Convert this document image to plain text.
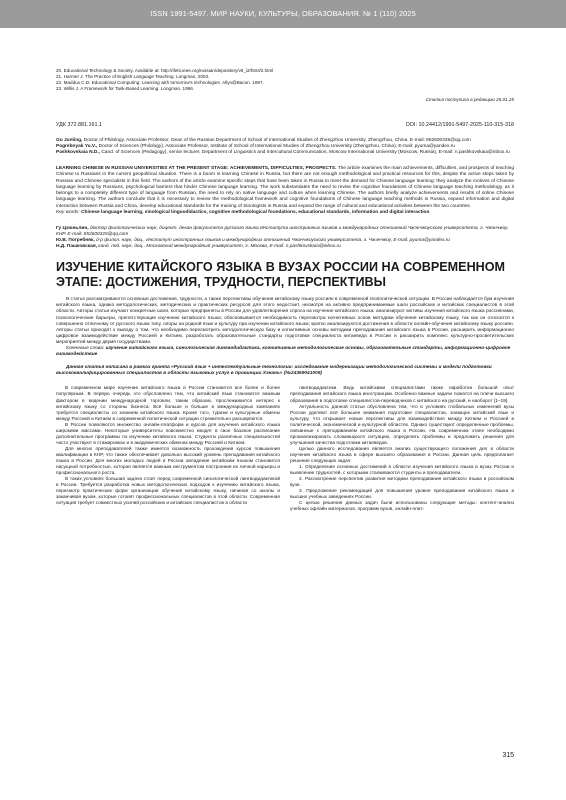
ISSN 1991-5497. МИР НАУКИ, КУЛЬТУРЫ, ОБРАЗОВАНИЯ. № 1 (110) 2025
20. Educational Technology & Society. Available at: http://ifets.ieee.org/russian/depository/v6_i2/html/2.html
21. Harmer J. The Practice of English Language Teaching. Longman, 2003.
22. Maddux C.D. Educational Computing: Learning with tomorrow's technologies. Allyn@Bacon. 1997.
23. Willis J. A Framework for Task-Based Learning. Longman. 1996.
Статья поступила в редакцию 25.01.25
УДК 372.881.161.1	DOI: 10.24412/1991-5497-2025-110-315-318
Gu Junling, Doctor of Philology, Associate Professor, Dean of the Russian Department of School of International Studies of Zhengzhou University, Zhengzhou, China. E-mail: 852600325@qq.com
Pogrebnyak Yu.V., Doctor of Sciences (Philology), Associate Professor, Institute of School of International Studies of Zhengzhou University (Zhengzhou, China), E-mail: pyuma@yandex.ru
Pashkovskaia N.D., Cand. of Sciences (Pedagogy), senior lecturer, Department of Linguistics and Intercultural Communication, Moscow International University (Moscow, Russia), E-mail: n.pashkovskaia@inbox.ru
LEARNING CHINESE IN RUSSIAN UNIVERSITIES AT THE PRESENT STAGE: ACHIEVEMENTS, DIFFICULTIES, PROSPECTS. The article examines the main achievements, difficulties, and prospects of teaching Chinese to Russians in the current geopolitical situation. There is a boom in learning Chinese in Russia, but there are not enough methodological and practical resources for this, despite the active steps taken by Russian and Chinese specialists in this field. The authors of the article examine specific steps that have been taken in Russia to meet the demand for Chinese language learning: they analyze the motives of Chinese language learning by Russians, psychological barriers that hinder Chinese language learning. The work substantiates the need to revise the cognitive foundations of Chinese language teaching methodology, as it belongs to a completely different type of language from Russian, the need to rely on native language and culture when learning Chinese. The authors briefly analyze achievements and results of online Chinese language learning. The authors conclude that it is necessary to review the methodological framework and cognitive foundations of Chinese language teaching methods in Russia, expand information and digital interaction between Russia and China, develop educational standards for the training of Sinologists in Russia and expand the range of cultural and educational activities between the two countries.
Key words: Chinese language learning, sinological linguodidactics, cognitive methodological foundations, educational standards, information and digital interaction
Гу Цзюньлин, доктор филологических наук, доцент, декан факультета русского языка Института иностранных языков и международных отношений Чжэнчжоуского университета, г. Чжэнчжоу, КНР. E-mail: 852600325@qq.com
Ю.В. Погребняк, д-р филол. наук, доц., Институт иностранных языков и международных отношений Чжэнчжоуского университета, г. Чжэнчжоу, E-mail: pyuma@yandex.ru
Н.Д. Пашковская, канд. пед. наук, доц., Московский международный университет, г. Москва, E-mail: n.pashkovskaia@inbox.ru
ИЗУЧЕНИЕ КИТАЙСКОГО ЯЗЫКА В ВУЗАХ РОССИИ НА СОВРЕМЕННОМ ЭТАПЕ: ДОСТИЖЕНИЯ, ТРУДНОСТИ, ПЕРСПЕКТИВЫ
В статье рассматриваются основные достижения, трудности, а также перспективы обучения китайскому языку россиян в современной геополитической ситуации. В России наблюдается бум изучения китайского языка, однако методологических, методических и практических ресурсов для этого недостает, несмотря на активно предпринимаемые шаги российских и китайских специалистов в этой области. Авторы статьи изучают конкретные шаги, которые предприняты в России для удовлетворения спроса на изучение китайского языка: анализируют мотивы изучения китайского языка россиянами, психологические барьеры, препятствующие изучению китайского языка; обосновывается необходимость пересмотра когнитивных основ методики обучения китайскому языку, так как он относится к совершенно отличному от русского языка типу, опоры на родной язык и культуру при изучении китайского языка; кратко анализируются достижения в области онлайн-обучения китайскому языку россиян. Авторы статьи приходят к выводу о том, что необходимо пересмотреть методологическую базу и когнитивные основы методики преподавания китайского языка в России, расширить информационно цифровое взаимодействие между Россией и Китаем, разработать образовательные стандарты подготовки специалиста китаеведа в России и расширить комплекс культурно-просветительских мероприятий между двумя государствами.
Ключевые слова: изучение китайского языка, синологическая лингводидактика, когнитивные методологические основы, образовательные стандарты, информационно-цифровое взаимодействие
Данная статья написана в рамках гранта «Русский язык + интеллектуальные технологии: исследование модернизации методологической системы и модели подготовки высококвалифицированных специалистов в области языковых услуг в провинции Хэнань» (№24369041009)

В современном мире изучение китайского языка в России становится все более и более популярным. В первую очередь это обусловлено тем, что китайский язык становится важным фактором в ведении международной торговли, таким образом, прослеживается интерес к китайскому языку со стороны бизнеса. Всё больше и больше в международных компаниях требуется специалисты со знанием китайского языка. Кроме того, туризм и культурные обмены между Россией и Китаем в современной политической ситуации стремительно расширяются.

В России появляются множество онлайн-платформ и курсов для изучения китайского языка широкими массами. Некоторые университеты повсеместно вводят в свое базовое расписание дополнительные программы по изучению китайского языка. Студенты различных специальностей часто участвуют в стажировках и в академических обменах между Россией и Китаем.

Для многих преподавателей также имеется возможность прохождения курсов повышения квалификации в КНР, что также обеспечивает довольно высокий уровень преподавания китайского языка в России. Для многих молодых людей в России овладение китайским языком становится насущной потребностью, которая является важным инструментом построения их личной карьеры и профессионального роста.

В таких условиях большая задача стоит перед современной синологической лингводидактикой в России. Требуется разработка новых методологических подходов к изучению китайского языка, пересмотр практических форм организации обучения китайскому языку, начиная со школы и заканчивая вузом, которые готовят профессиональных специалистов в этой области. Современная ситуация требует совместных усилий российских и китайских специалистов в области

лингводидактики. Ведь китайскими специалистами также наработан большой опыт преподавания китайского языка иностранцам. Особенно важные задачи ложатся на плечи высшего образования в подготовке специалистов-переводчиков с китайского на русский, и наоборот [1–19].

Актуальность данной статьи обусловлена тем, что в условиях глобальных изменений вузы России уделяют всё большее внимания подготовке специалистов, знающих китайский язык и культуру, что открывает новые перспективы для взаимодействия между Китаем и Россией в политической, экономической и культурной областях. Однако существуют определенные проблемы, связанные с преподаванием китайского языка в России. На современном этапе необходимо проанализировать сложившуюся ситуацию, определить проблемы и предложить решения для улучшения качества подготовки китаеведов.

Целью данного исследования является анализ существующего положения дел в области изучения китайского языка в сфере высшего образования в России. Данная цель предполагает решение следующих задач:

1. Определение основных достижений в области изучения китайского языка в вузах России и выявление трудностей, с которыми сталкиваются студенты и преподаватели.

2. Рассмотрение перспектив развития методики преподавания китайского языка в российском вузе.

3. Предложение рекомендаций для повышения уровня преподавания китайского языка в высших учебных заведениях России.

С целью решения данных задач были использованы следующие методы: контент-анализ учебных офлайн материалов, программ вузов, онлайн-плат-

315
